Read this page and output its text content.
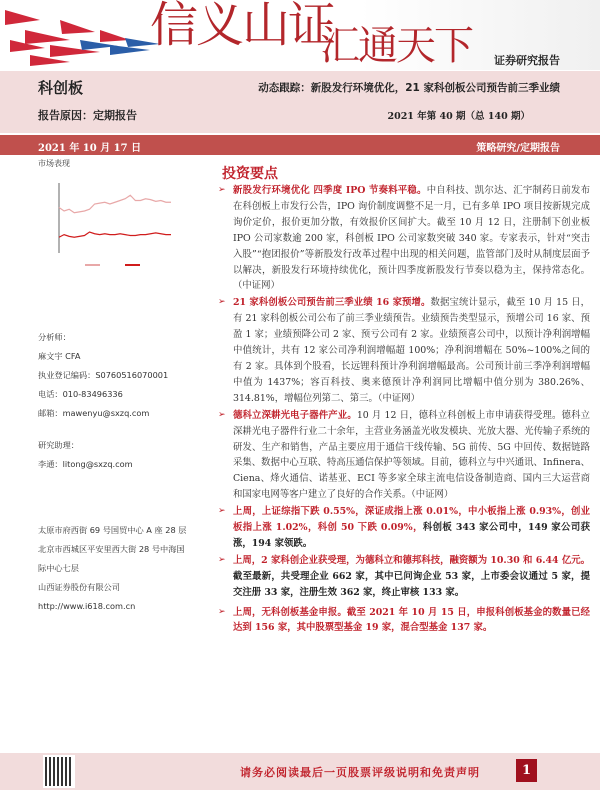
信义山证
汇通天下 证券研究报告
科创板	动态跟踪：新股发行环境优化，21 家科创板公司预告前三季业绩
报告原因：定期报告	2021 年第 40 期（总 140 期）
2021 年 10 月 17 日	策略研究/定期报告
市场表现
分析师：
麻文宇 CFA
执业登记编码：S0760516070001
电话：010-83496336
邮箱：mawenyu@sxzq.com
研究助理：
李通：litong@sxzq.com
太原市府西街 69 号国贸中心 A 座 28 层
北京市西城区平安里西大街 28 号中海国
际中心七层
山西证券股份有限公司
http://www.i618.com.cn
投资要点
➢ 新股发行环境优化 四季度 IPO 节奏料平稳。中自科技、凯尔达、汇宇制药日前发布在科创板上市发行公告，IPO 询价制度调整不足一月，已有多单 IPO 项目按新规完成询价定价，报价更加分散，有效报价区间扩大。截至 10 月 12 日，注册制下创业板 IPO 公司家数逾 200 家，科创板 IPO 公司家数突破 340 家。专家表示，针对“突击入股”“抱团报价”等新股发行改革过程中出现的相关问题，监管部门及时从制度层面予以解决，新股发行环境持续优化，预计四季度新股发行节奏以稳为主，保持常态化。（中证网）
➢ 21 家科创板公司预告前三季业绩 16 家预增。数据宝统计显示，截至 10 月 15 日，有 21 家科创板公司公布了前三季业绩预告。业绩预告类型显示，预增公司 16 家、预盈 1 家；业绩预降公司 2 家、预亏公司有 2 家。业绩预喜公司中，以预计净利润增幅中值统计，共有 12 家公司净利润增幅超 100%；净利润增幅在 50%~100%之间的有 2 家。具体到个股看，长远锂科预计净利润增幅最高。公司预计前三季净利润增幅中值为 1437%；容百科技、奥来德预计净利润同比增幅中值分别为 380.26%、314.81%，增幅位列第二、第三。（中证网）
➢ 德科立深耕光电子器件产业。10 月 12 日，德科立科创板上市申请获得受理。德科立深耕光电子器件行业二十余年，主营业务涵盖光收发模块、光放大器、光传输子系统的研发、生产和销售，产品主要应用于通信干线传输、5G 前传、5G 中回传、数据链路采集、数据中心互联、特高压通信保护等领域。目前，德科立与中兴通讯、Infinera、Ciena、烽火通信、诺基亚、ECI 等多家全球主流电信设备制造商、国内三大运营商和国家电网等客户建立了良好的合作关系。（中证网）
➢ 上周，上证综指下跌 0.55%，深证成指上涨 0.01%，中小板指上涨 0.93%，创业板指上涨 1.02%，科创 50 下跌 0.09%，科创板 343 家公司中，149 家公司获涨，194 家领跌。
➢ 上周，2 家科创企业获受理，为德科立和德邦科技，融资额为 10.30 和 6.44 亿元。截至最新，共受理企业 662 家，其中已问询企业 53 家，上市委会议通过 5 家，提交注册 33 家，注册生效 362 家，终止审核 133 家。
➢ 上周，无科创板基金申报。截至 2021 年 10 月 15 日，申报科创板基金的数量已经达到 156 家，其中股票型基金 19 家，混合型基金 137 家。
请务必阅读最后一页股票评级说明和免责声明	1
